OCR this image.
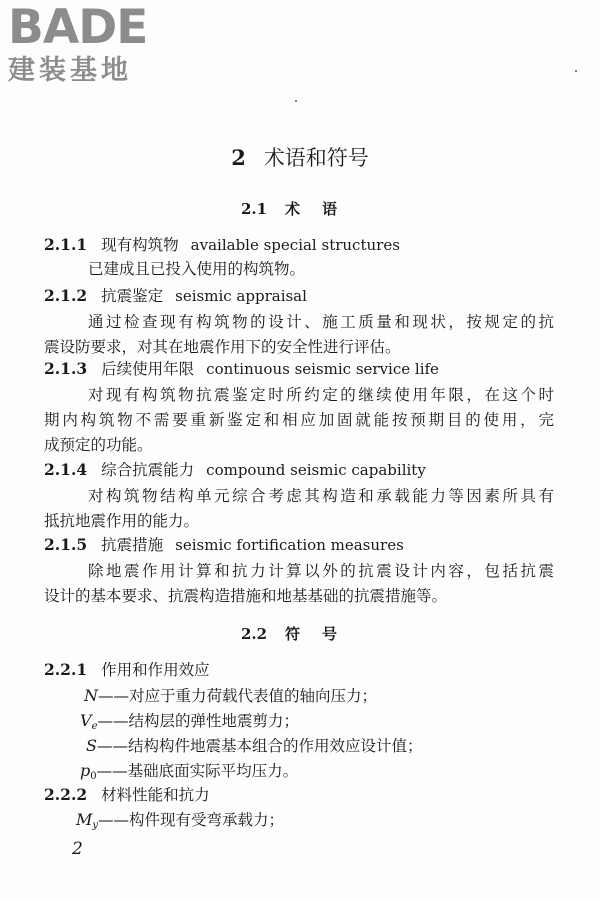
BADE
建装基地
2 术语和符号
2.1 术语
2.1.1 现有构筑物 available special structures
已建成且已投入使用的构筑物。
2.1.2 抗震鉴定 seismic appraisal
通过检查现有构筑物的设计、施工质量和现状，按规定的抗
震设防要求，对其在地震作用下的安全性进行评估。
2.1.3 后续使用年限 continuous seismic service life
对现有构筑物抗震鉴定时所约定的继续使用年限，在这个时
期内构筑物不需要重新鉴定和相应加固就能按预期目的使用，完
成预定的功能。
2.1.4 综合抗震能力 compound seismic capability
对构筑物结构单元综合考虑其构造和承载能力等因素所具有
抵抗地震作用的能力。
2.1.5 抗震措施 seismic fortification measures
除地震作用计算和抗力计算以外的抗震设计内容，包括抗震
设计的基本要求、抗震构造措施和地基基础的抗震措施等。
2.2 符号
2.2.1 作用和作用效应
N——对应于重力荷载代表值的轴向压力；
Ve——结构层的弹性地震剪力；
S——结构构件地震基本组合的作用效应设计值；
$p_0——$基础底面实际平均压力。
2.2.2 材料性能和抗力
My——构件现有受弯承载力；
2
